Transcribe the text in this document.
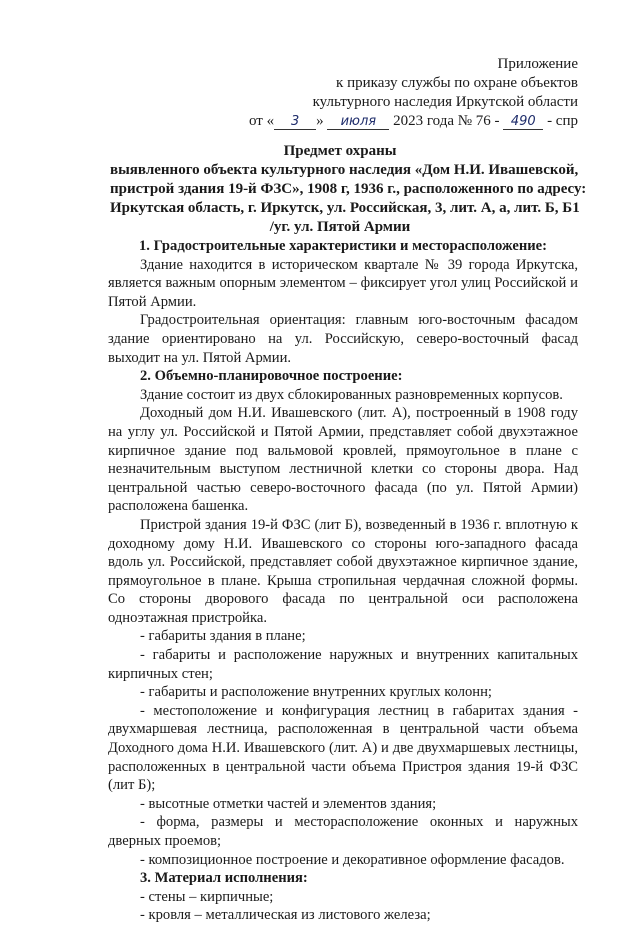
Приложение
к приказу службы по охране объектов
культурного наследия Иркутской области
от « 3 » июля 2023 года № 76 - 490 - спр
Предмет охраны
выявленного объекта культурного наследия «Дом Н.И. Ивашевской,
пристрой здания 19-й ФЗС», 1908 г, 1936 г., расположенного по адресу:
Иркутская область, г. Иркутск, ул. Российская, 3, лит. А, а, лит. Б, Б1
/уг. ул. Пятой Армии

1. Градостроительные характеристики и месторасположение:

Здание находится в историческом квартале № 39 города Иркутска, является важным опорным элементом – фиксирует угол улиц Российской и Пятой Армии.

Градостроительная ориентация: главным юго-восточным фасадом здание ориентировано на ул. Российскую, северо-восточный фасад выходит на ул. Пятой Армии.

2. Объемно-планировочное построение:

Здание состоит из двух сблокированных разновременных корпусов.

Доходный дом Н.И. Ивашевского (лит. А), построенный в 1908 году на углу ул. Российской и Пятой Армии, представляет собой двухэтажное кирпичное здание под вальмовой кровлей, прямоугольное в плане с незначительным выступом лестничной клетки со стороны двора. Над центральной частью северо-восточного фасада (по ул. Пятой Армии) расположена башенка.

Пристрой здания 19-й ФЗС (лит Б), возведенный в 1936 г. вплотную к доходному дому Н.И. Ивашевского со стороны юго-западного фасада вдоль ул. Российской, представляет собой двухэтажное кирпичное здание, прямоугольное в плане. Крыша стропильная чердачная сложной формы. Со стороны дворового фасада по центральной оси расположена одноэтажная пристройка.

- габариты здания в плане;

- габариты и расположение наружных и внутренних капитальных кирпичных стен;

- габариты и расположение внутренних круглых колонн;

- местоположение и конфигурация лестниц в габаритах здания - двухмаршевая лестница, расположенная в центральной части объема Доходного дома Н.И. Ивашевского (лит. А) и две двухмаршевых лестницы, расположенных в центральной части объема Пристроя здания 19-й ФЗС (лит Б);

- высотные отметки частей и элементов здания;

- форма, размеры и месторасположение оконных и наружных дверных проемов;

- композиционное построение и декоративное оформление фасадов.

3. Материал исполнения:

- стены – кирпичные;

- кровля – металлическая из листового железа;
